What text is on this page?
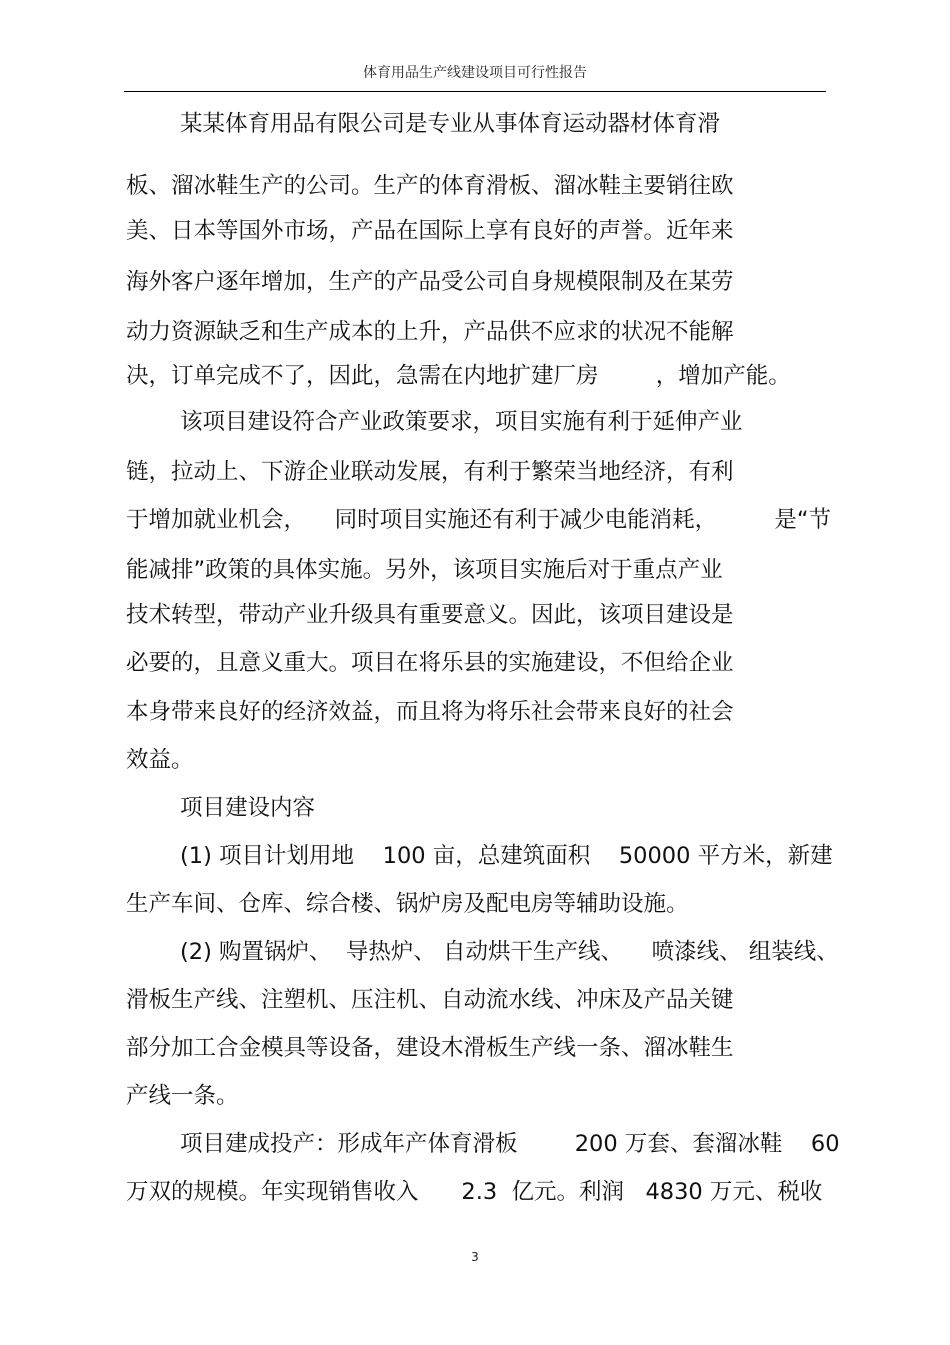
体育用品生产线建设项目可行性报告
某某体育用品有限公司是专业从事体育运动器材体育滑
板、溜冰鞋生产的公司。生产的体育滑板、溜冰鞋主要销往欧
美、日本等国外市场，产品在国际上享有良好的声誉。近年来
海外客户逐年增加，生产的产品受公司自身规模限制及在某劳
动力资源缺乏和生产成本的上升，产品供不应求的状况不能解
决，订单完成不了，因此，急需在内地扩建厂房        ，增加产能。
该项目建设符合产业政策要求，项目实施有利于延伸产业
链，拉动上、下游企业联动发展，有利于繁荣当地经济，有利
于增加就业机会，    同时项目实施还有利于减少电能消耗，        是“节
能减排”政策的具体实施。另外，该项目实施后对于重点产业
技术转型，带动产业升级具有重要意义。因此，该项目建设是
必要的，且意义重大。项目在将乐县的实施建设，不但给企业
本身带来良好的经济效益，而且将为将乐社会带来良好的社会
效益。
项目建设内容
(1) 项目计划用地    100 亩，总建筑面积    50000 平方米，新建
生产车间、仓库、综合楼、锅炉房及配电房等辅助设施。
(2) 购置锅炉、  导热炉、 自动烘干生产线、    喷漆线、 组装线、
滑板生产线、注塑机、压注机、自动流水线、冲床及产品关键
部分加工合金模具等设备，建设木滑板生产线一条、溜冰鞋生
产线一条。
项目建成投产：形成年产体育滑板        200 万套、套溜冰鞋    60
万双的规模。年实现销售收入      2.3  亿元。利润   4830 万元、税收
3
